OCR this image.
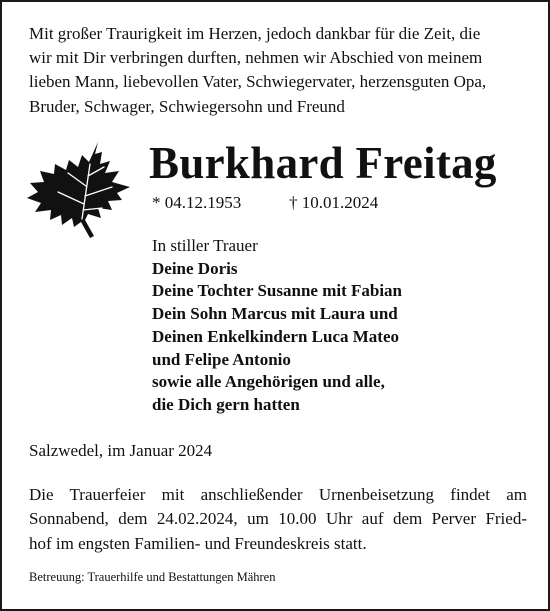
Mit großer Traurigkeit im Herzen, jedoch dankbar für die Zeit, die
wir mit Dir verbringen durften, nehmen wir Abschied von meinem
lieben Mann, liebevollen Vater, Schwiegervater, herzensguten Opa,
Bruder, Schwager, Schwiegersohn und Freund
Burkhard Freitag
* 04.12.1953	† 10.01.2024
In stiller Trauer
Deine Doris
Deine Tochter Susanne mit Fabian
Dein Sohn Marcus mit Laura und
Deinen Enkelkindern Luca Mateo
und Felipe Antonio
sowie alle Angehörigen und alle,
die Dich gern hatten
Salzwedel, im Januar 2024
Die Trauerfeier mit anschließender Urnenbeisetzung findet am
Sonnabend, dem 24.02.2024, um 10.00 Uhr auf dem Perver Fried-
hof im engsten Familien- und Freundeskreis statt.
Betreuung: Trauerhilfe und Bestattungen Mähren
